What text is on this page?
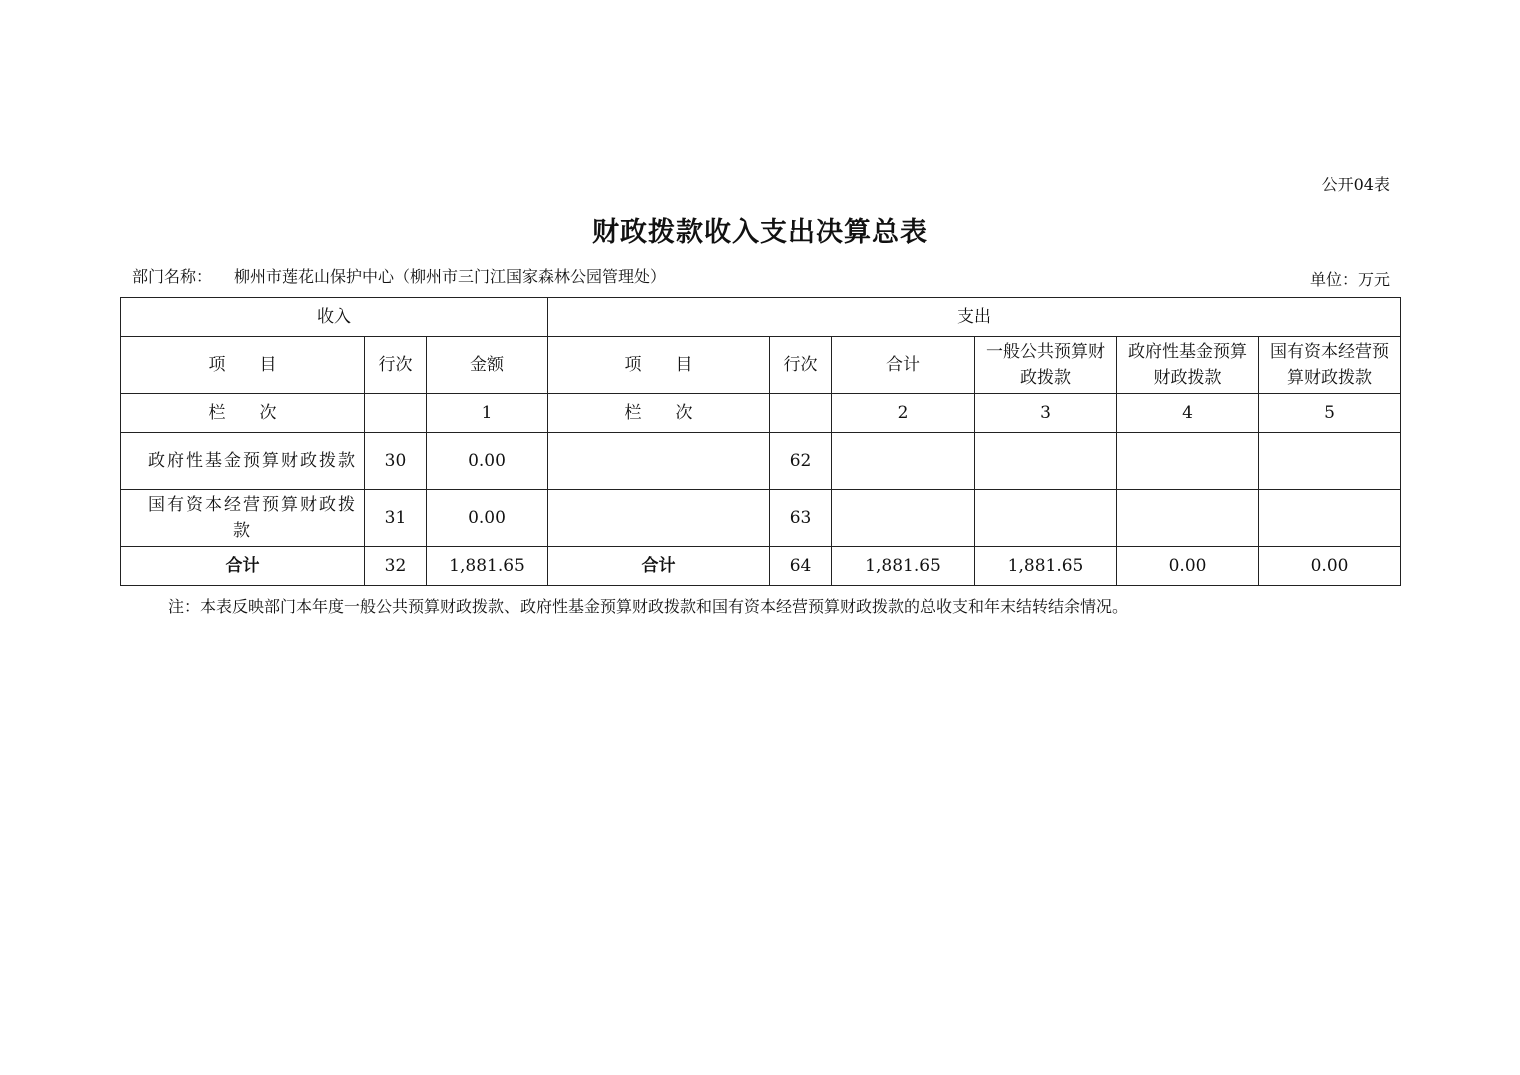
公开04表
财政拨款收入支出决算总表
部门名称： 柳州市莲花山保护中心（柳州市三门江国家森林公园管理处）	单位：万元
收入			支出					
项　　目	行次	金额	项　　目	行次	合计	一般公共预算财政拨款	政府性基金预算财政拨款	国有资本经营预算财政拨款
栏　　次		1	栏　　次		2	3	4	5
政府性基金预算财政拨款	30	0.00		62				
国有资本经营预算财政拨款	31	0.00		63				
合计	32	1,881.65	合计	64	1,881.65	1,881.65	0.00	0.00
注：本表反映部门本年度一般公共预算财政拨款、政府性基金预算财政拨款和国有资本经营预算财政拨款的总收支和年末结转结余情况。
